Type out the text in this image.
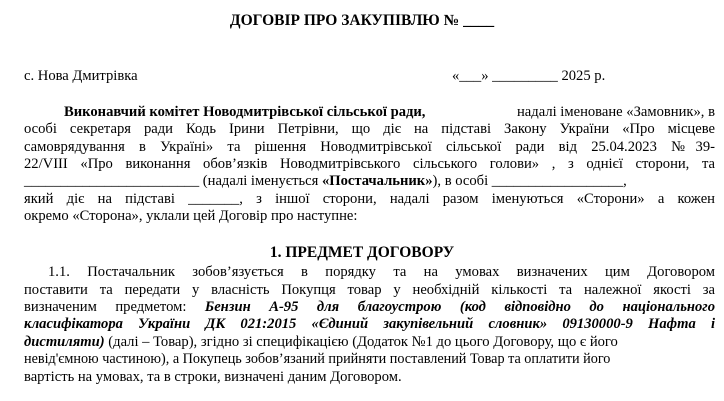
ДОГОВІР ПРО ЗАКУПІВЛЮ № ____
с. Нова Дмитрівка	«___» _________ 2025 р.
Виконавчий комітет Новодмитрівської сільської ради,	надалі іменоване «Замовник», в
особі секретаря ради Кодь Ірини Петрівни, що діє на підставі Закону України «Про місцеве
самоврядування в Україні» та рішення Новодмитрівської сільської ради від 25.04.2023 №39-
22/VIII «Про виконання обов’язків Новодмитрівського сільського голови» , з однієї сторони, та
________________________ (надалі іменується «Постачальник»), в особі __________________,
який діє на підставі _______, з іншої сторони, надалі разом іменуються «Сторони» а кожен
окремо «Сторона», уклали цей Договір про наступне:
1. ПРЕДМЕТ ДОГОВОРУ
1.1. Постачальник зобов’язується в порядку та на умовах визначених цим Договором
поставити та передати у власність Покупця товар у необхідній кількості та належної якості за
визначеним предметом: Бензин А-95 для благоустрою (код відповідно до національного
класифікатора України ДК 021:2015 «Єдиний закупівельний словник» 09130000-9 Нафта і
дистиляти) (далі – Товар), згідно зі специфікацією (Додаток №1 до цього Договору, що є його
невід'ємною частиною), а Покупець зобов’язаний прийняти поставлений Товар та оплатити його
вартість на умовах, та в строки, визначені даним Договором.
